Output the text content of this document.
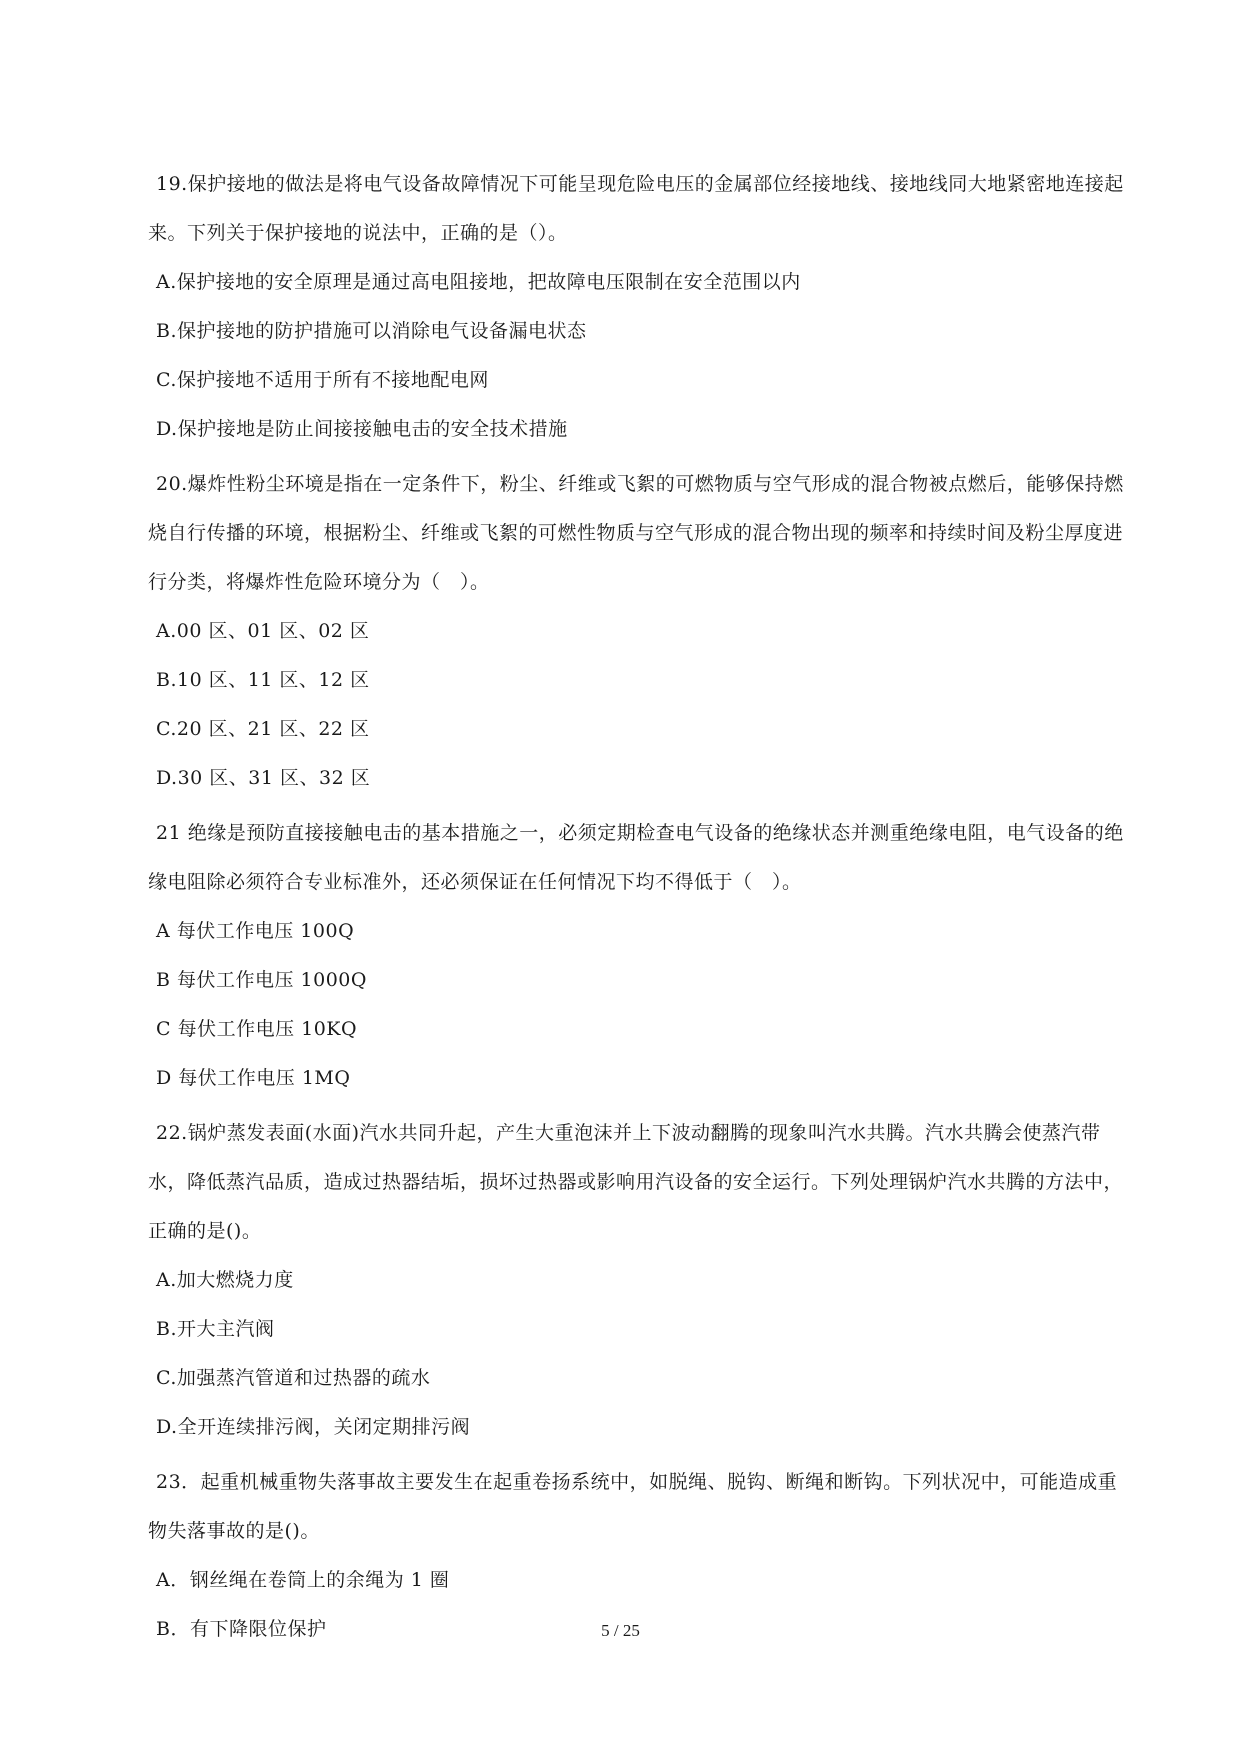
19.保护接地的做法是将电气设备故障情况下可能呈现危险电压的金属部位经接地线、接地线同大地紧密地连接起来。下列关于保护接地的说法中，正确的是（）。

A.保护接地的安全原理是通过高电阻接地，把故障电压限制在安全范围以内

B.保护接地的防护措施可以消除电气设备漏电状态

C.保护接地不适用于所有不接地配电网

D.保护接地是防止间接接触电击的安全技术措施

20.爆炸性粉尘环境是指在一定条件下，粉尘、纤维或飞絮的可燃物质与空气形成的混合物被点燃后，能够保持燃烧自行传播的环境，根据粉尘、纤维或飞絮的可燃性物质与空气形成的混合物出现的频率和持续时间及粉尘厚度进行分类，将爆炸性危险环境分为（　）。

A.00 区、01 区、02 区

B.10 区、11 区、12 区

C.20 区、21 区、22 区

D.30 区、31 区、32 区

21 绝缘是预防直接接触电击的基本措施之一，必须定期检查电气设备的绝缘状态并测重绝缘电阻，电气设备的绝缘电阻除必须符合专业标准外，还必须保证在任何情况下均不得低于（　）。

A 每伏工作电压 100Q

B 每伏工作电压 1000Q

C 每伏工作电压 10KQ

D 每伏工作电压 1MQ

22.锅炉蒸发表面(水面)汽水共同升起，产生大重泡沫并上下波动翻腾的现象叫汽水共腾。汽水共腾会使蒸汽带水，降低蒸汽品质，造成过热器结垢，损坏过热器或影响用汽设备的安全运行。下列处理锅炉汽水共腾的方法中，正确的是()。

A.加大燃烧力度

B.开大主汽阀

C.加强蒸汽管道和过热器的疏水

D.全开连续排污阀，关闭定期排污阀

23．起重机械重物失落事故主要发生在起重卷扬系统中，如脱绳、脱钩、断绳和断钩。下列状况中，可能造成重物失落事故的是()。

A．钢丝绳在卷筒上的余绳为 1 圈

B．有下降限位保护	5 / 25
